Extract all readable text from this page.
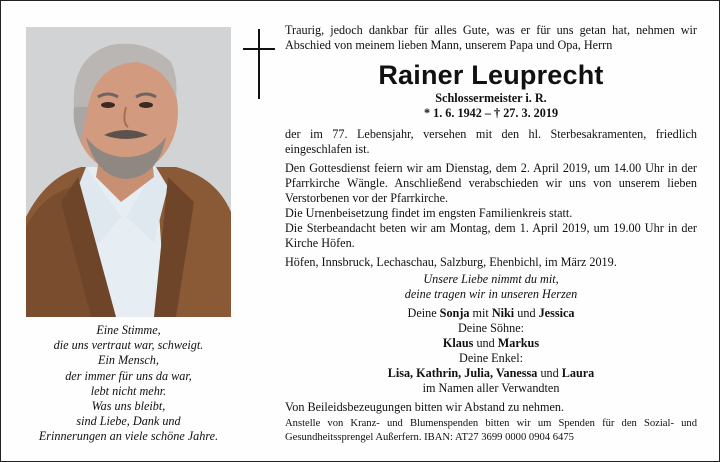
Eine Stimme,
die uns vertraut war, schweigt.
Ein Mensch,
der immer für uns da war,
lebt nicht mehr.
Was uns bleibt,
sind Liebe, Dank und
Erinnerungen an viele schöne Jahre.
Traurig, jedoch dankbar für alles Gute, was er für uns getan hat, nehmen wir Abschied von meinem lieben Mann, unserem Papa und Opa, Herrn
Rainer Leuprecht
Schlossermeister i. R.
* 1. 6. 1942 – † 27. 3. 2019
der im 77. Lebensjahr, versehen mit den hl. Sterbesakramenten, friedlich eingeschlafen ist.
Den Gottesdienst feiern wir am Dienstag, dem 2. April 2019, um 14.00 Uhr in der Pfarrkirche Wängle. Anschließend verabschieden wir uns von unserem lieben Verstorbenen vor der Pfarrkirche.
Die Urnenbeisetzung findet im engsten Familienkreis statt.
Die Sterbeandacht beten wir am Montag, dem 1. April 2019, um 19.00 Uhr in der Kirche Höfen.
Höfen, Innsbruck, Lechaschau, Salzburg, Ehenbichl, im März 2019.
Unsere Liebe nimmt du mit,
deine tragen wir in unseren Herzen
Deine Sonja mit Niki und Jessica
Deine Söhne:
Klaus und Markus
Deine Enkel:
Lisa, Kathrin, Julia, Vanessa und Laura
im Namen aller Verwandten
Von Beileidsbezeugungen bitten wir Abstand zu nehmen.
Anstelle von Kranz- und Blumenspenden bitten wir um Spenden für den Sozial- und Gesundheitssprengel Außerfern. IBAN: AT27 3699 0000 0904 6475
